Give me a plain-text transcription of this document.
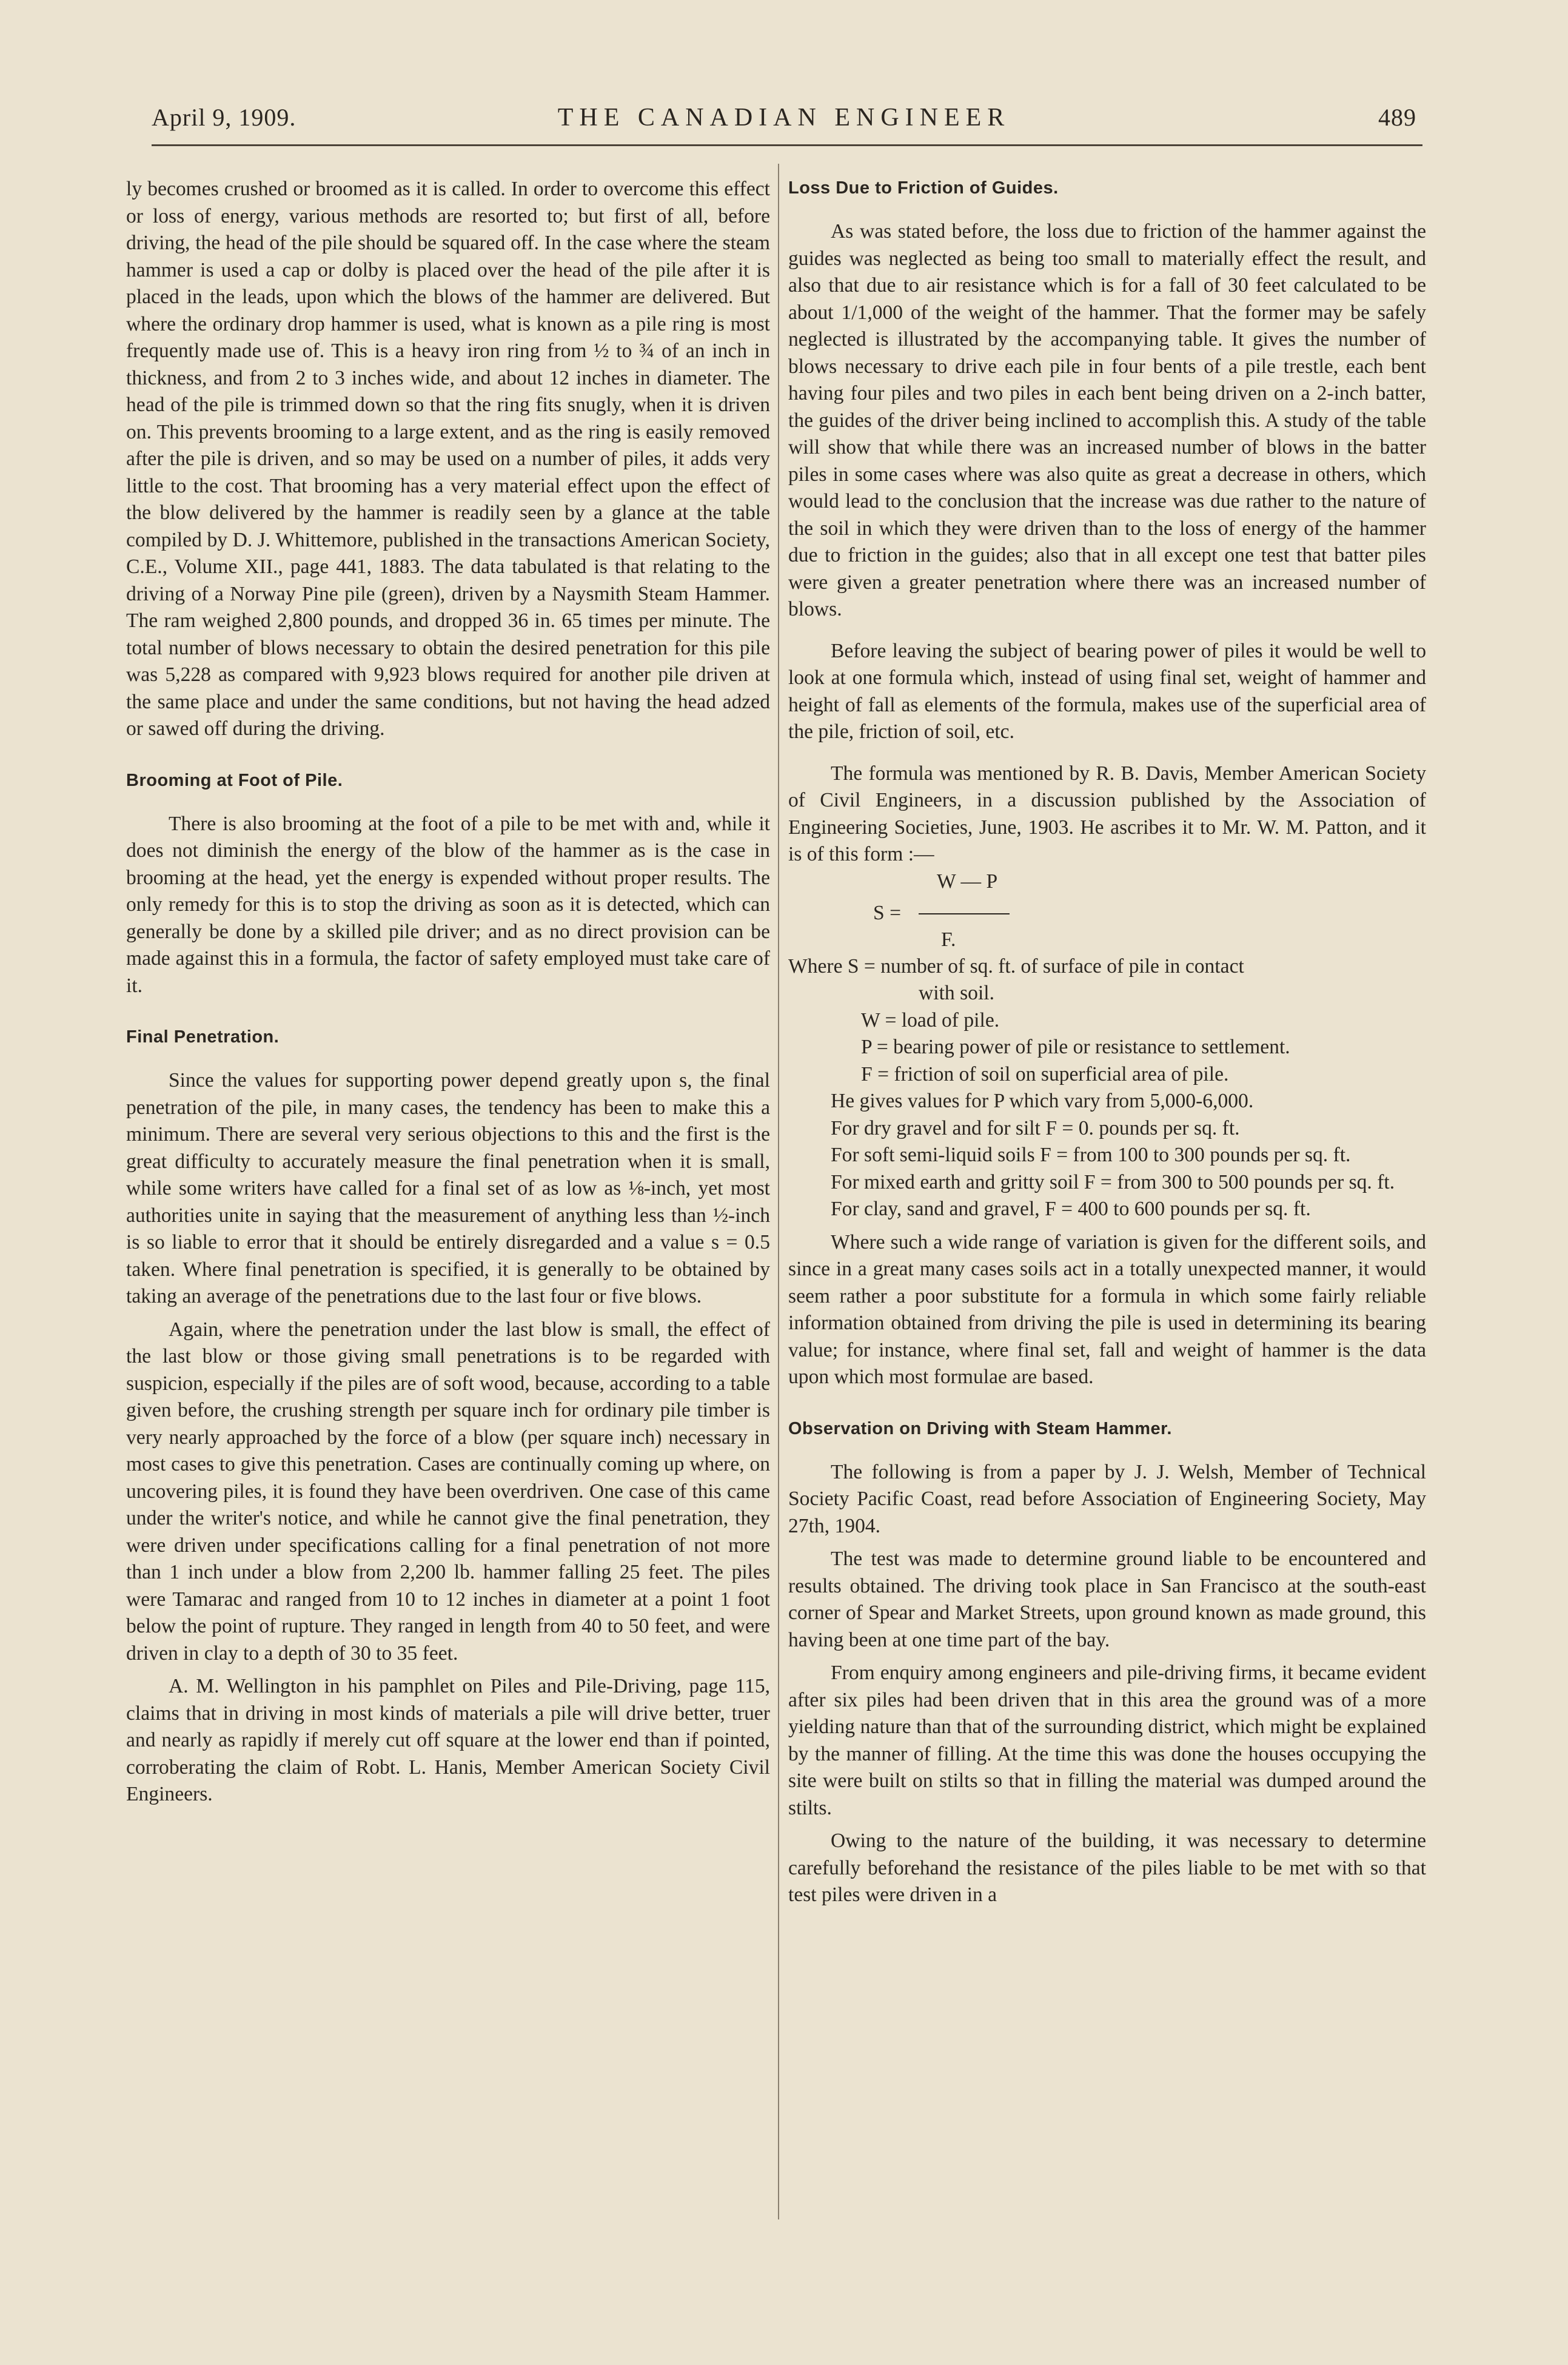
April 9, 1909.	THE CANADIAN ENGINEER	489

ly becomes crushed or broomed as it is called. In order to overcome this effect or loss of energy, various methods are resorted to; but first of all, before driving, the head of the pile should be squared off. In the case where the steam hammer is used a cap or dolby is placed over the head of the pile after it is placed in the leads, upon which the blows of the hammer are delivered. But where the ordinary drop hammer is used, what is known as a pile ring is most frequently made use of. This is a heavy iron ring from ½ to ¾ of an inch in thickness, and from 2 to 3 inches wide, and about 12 inches in diameter. The head of the pile is trimmed down so that the ring fits snugly, when it is driven on. This prevents brooming to a large extent, and as the ring is easily removed after the pile is driven, and so may be used on a number of piles, it adds very little to the cost. That brooming has a very material effect upon the effect of the blow delivered by the hammer is readily seen by a glance at the table compiled by D. J. Whittemore, published in the transactions American Society, C.E., Volume XII., page 441, 1883. The data tabulated is that relating to the driving of a Norway Pine pile (green), driven by a Naysmith Steam Hammer. The ram weighed 2,800 pounds, and dropped 36 in. 65 times per minute. The total number of blows necessary to obtain the desired penetration for this pile was 5,228 as compared with 9,923 blows required for another pile driven at the same place and under the same conditions, but not having the head adzed or sawed off during the driving.

Brooming at Foot of Pile.

There is also brooming at the foot of a pile to be met with and, while it does not diminish the energy of the blow of the hammer as is the case in brooming at the head, yet the energy is expended without proper results. The only remedy for this is to stop the driving as soon as it is detected, which can generally be done by a skilled pile driver; and as no direct provision can be made against this in a formula, the factor of safety employed must take care of it.

Final Penetration.

Since the values for supporting power depend greatly upon s, the final penetration of the pile, in many cases, the tendency has been to make this a minimum. There are several very serious objections to this and the first is the great difficulty to accurately measure the final penetration when it is small, while some writers have called for a final set of as low as ⅛-inch, yet most authorities unite in saying that the measurement of anything less than ½-inch is so liable to error that it should be entirely disregarded and a value s = 0.5 taken. Where final penetration is specified, it is generally to be obtained by taking an average of the penetrations due to the last four or five blows.

Again, where the penetration under the last blow is small, the effect of the last blow or those giving small penetrations is to be regarded with suspicion, especially if the piles are of soft wood, because, according to a table given before, the crushing strength per square inch for ordinary pile timber is very nearly approached by the force of a blow (per square inch) necessary in most cases to give this penetration. Cases are continually coming up where, on uncovering piles, it is found they have been overdriven. One case of this came under the writer's notice, and while he cannot give the final penetration, they were driven under specifications calling for a final penetration of not more than 1 inch under a blow from 2,200 lb. hammer falling 25 feet. The piles were Tamarac and ranged from 10 to 12 inches in diameter at a point 1 foot below the point of rupture. They ranged in length from 40 to 50 feet, and were driven in clay to a depth of 30 to 35 feet.

A. M. Wellington in his pamphlet on Piles and Pile-Driving, page 115, claims that in driving in most kinds of materials a pile will drive better, truer and nearly as rapidly if merely cut off square at the lower end than if pointed, corroberating the claim of Robt. L. Hanis, Member American Society Civil Engineers.

Loss Due to Friction of Guides.

As was stated before, the loss due to friction of the hammer against the guides was neglected as being too small to materially effect the result, and also that due to air resistance which is for a fall of 30 feet calculated to be about 1/1,000 of the weight of the hammer. That the former may be safely neglected is illustrated by the accompanying table. It gives the number of blows necessary to drive each pile in four bents of a pile trestle, each bent having four piles and two piles in each bent being driven on a 2-inch batter, the guides of the driver being inclined to accomplish this. A study of the table will show that while there was an increased number of blows in the batter piles in some cases where was also quite as great a decrease in others, which would lead to the conclusion that the increase was due rather to the nature of the soil in which they were driven than to the loss of energy of the hammer due to friction in the guides; also that in all except one test that batter piles were given a greater penetration where there was an increased number of blows.

Before leaving the subject of bearing power of piles it would be well to look at one formula which, instead of using final set, weight of hammer and height of fall as elements of the formula, makes use of the superficial area of the pile, friction of soil, etc.

The formula was mentioned by R. B. Davis, Member American Society of Civil Engineers, in a discussion published by the Association of Engineering Societies, June, 1903. He ascribes it to Mr. W. M. Patton, and it is of this form :—

W — P
S =
F.

Where S = number of sq. ft. of surface of pile in contact

with soil.

W = load of pile.

P = bearing power of pile or resistance to settlement.

F = friction of soil on superficial area of pile.

He gives values for P which vary from 5,000-6,000.

For dry gravel and for silt F = 0. pounds per sq. ft.

For soft semi-liquid soils F = from 100 to 300 pounds per sq. ft.

For mixed earth and gritty soil F = from 300 to 500 pounds per sq. ft.

For clay, sand and gravel, F = 400 to 600 pounds per sq. ft.

Where such a wide range of variation is given for the different soils, and since in a great many cases soils act in a totally unexpected manner, it would seem rather a poor substitute for a formula in which some fairly reliable information obtained from driving the pile is used in determining its bearing value; for instance, where final set, fall and weight of hammer is the data upon which most formulae are based.

Observation on Driving with Steam Hammer.

The following is from a paper by J. J. Welsh, Member of Technical Society Pacific Coast, read before Association of Engineering Society, May 27th, 1904.

The test was made to determine ground liable to be encountered and results obtained. The driving took place in San Francisco at the south-east corner of Spear and Market Streets, upon ground known as made ground, this having been at one time part of the bay.

From enquiry among engineers and pile-driving firms, it became evident after six piles had been driven that in this area the ground was of a more yielding nature than that of the surrounding district, which might be explained by the manner of filling. At the time this was done the houses occupying the site were built on stilts so that in filling the material was dumped around the stilts.

Owing to the nature of the building, it was necessary to determine carefully beforehand the resistance of the piles liable to be met with so that test piles were driven in a
